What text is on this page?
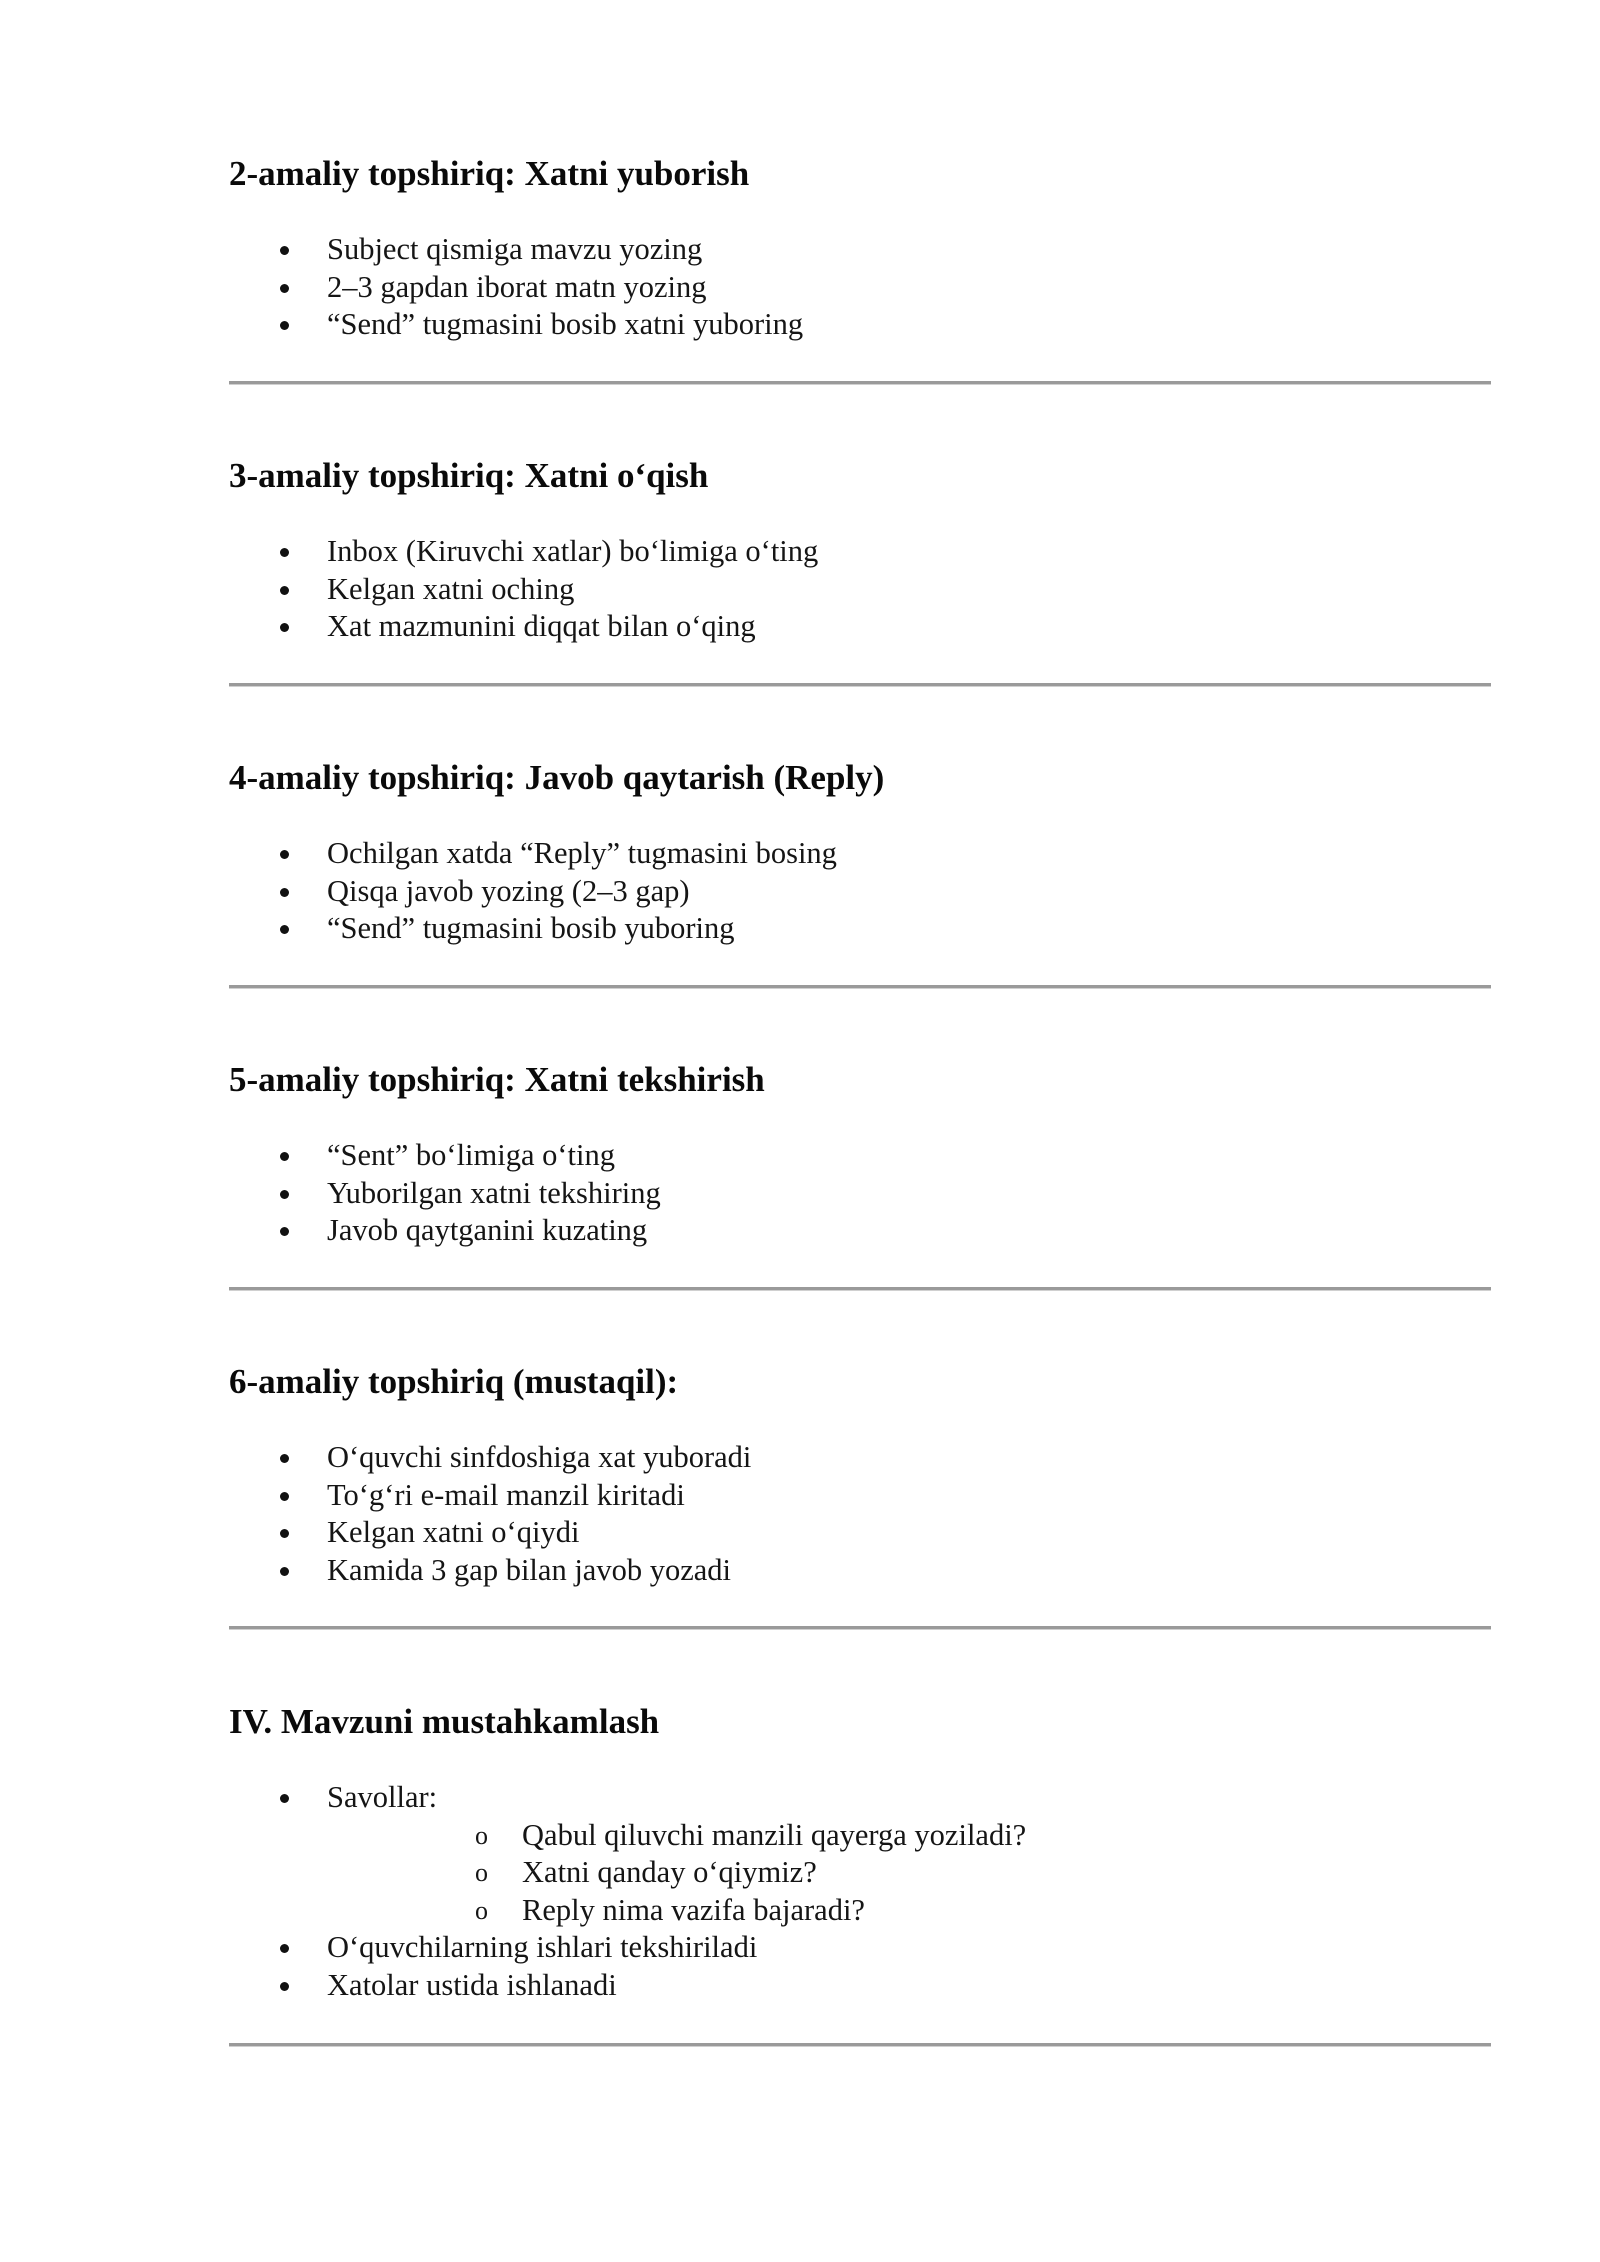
2-amaliy topshiriq: Xatni yuborish
Subject qismiga mavzu yozing
2–3 gapdan iborat matn yozing
“Send” tugmasini bosib xatni yuboring
3-amaliy topshiriq: Xatni o‘qish
Inbox (Kiruvchi xatlar) bo‘limiga o‘ting
Kelgan xatni oching
Xat mazmunini diqqat bilan o‘qing
4-amaliy topshiriq: Javob qaytarish (Reply)
Ochilgan xatda “Reply” tugmasini bosing
Qisqa javob yozing (2–3 gap)
“Send” tugmasini bosib yuboring
5-amaliy topshiriq: Xatni tekshirish
“Sent” bo‘limiga o‘ting
Yuborilgan xatni tekshiring
Javob qaytganini kuzating
6-amaliy topshiriq (mustaqil):
O‘quvchi sinfdoshiga xat yuboradi
To‘g‘ri e-mail manzil kiritadi
Kelgan xatni o‘qiydi
Kamida 3 gap bilan javob yozadi
IV. Mavzuni mustahkamlash
Savollar:
o Qabul qiluvchi manzili qayerga yoziladi?
o Xatni qanday o‘qiymiz?
o Reply nima vazifa bajaradi?
O‘quvchilarning ishlari tekshiriladi
Xatolar ustida ishlanadi
